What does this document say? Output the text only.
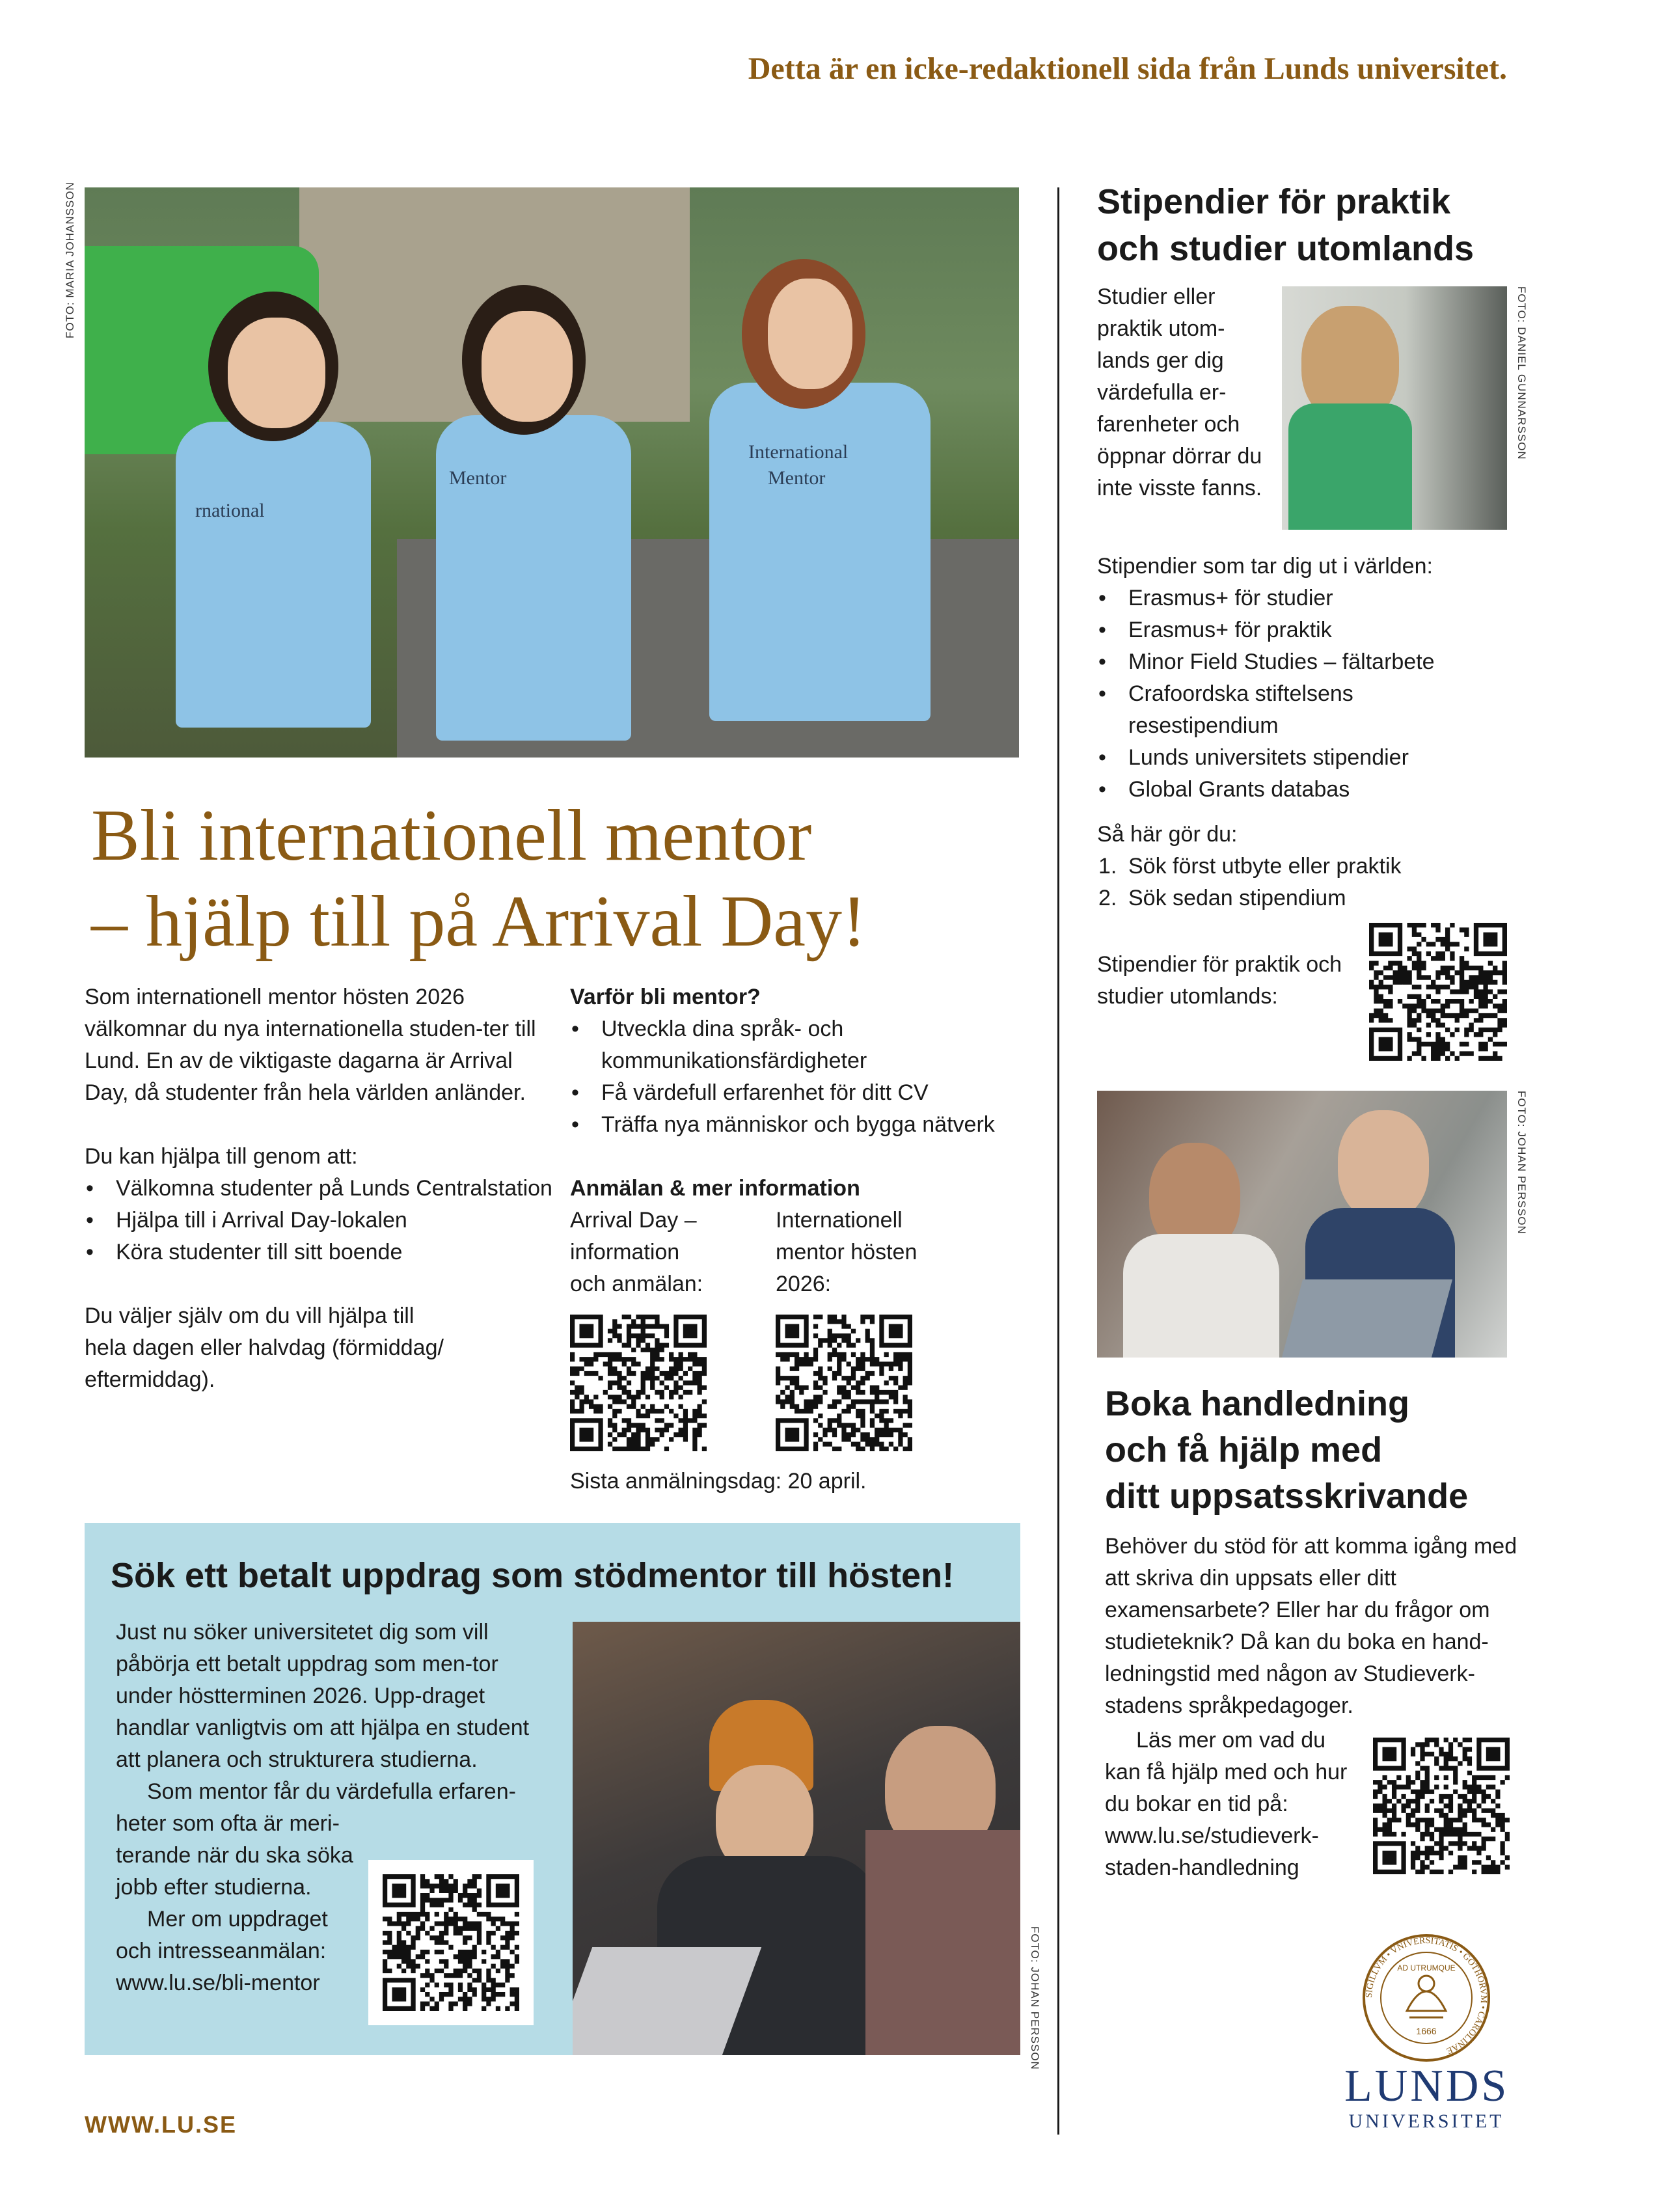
Detta är en icke-redaktionell sida från Lunds universitet.
rnational
Mentor
International
Mentor
FOTO: MARIA JOHANSSON
Bli internationell mentor
– hjälp till på Arrival Day!

Som internationell mentor hösten 2026 välkomnar du nya internationella studen-ter till Lund. En av de viktigaste dagarna är Arrival Day, då studenter från hela världen anländer.

Du kan hjälpa till genom att:

• Välkomna studenter på Lunds Centralstation
• Hjälpa till i Arrival Day-lokalen
• Köra studenter till sitt boende

Du väljer själv om du vill hjälpa till hela dagen eller halvdag (förmiddag/ eftermiddag).

Varför bli mentor?

• Utveckla dina språk- och kommunikationsfärdigheter
• Få värdefull erfarenhet för ditt CV
• Träffa nya människor och bygga nätverk

Anmälan & mer information

Arrival Day – information och anmälan:

Internationell mentor hösten 2026:

Sista anmälningsdag: 20 april.

Sök ett betalt uppdrag som stödmentor till hösten!

Just nu söker universitetet dig som vill påbörja ett betalt uppdrag som men-tor under höstterminen 2026. Upp-draget handlar vanligtvis om att hjälpa en student att planera och strukturera studierna.

Som mentor får du värdefulla erfaren-

heter som ofta är meri-

terande när du ska söka

jobb efter studierna.

Mer om uppdraget

och intresseanmälan:

www.lu.se/bli-mentor	FOTO: JOHAN PERSSON
WWW.LU.SE
Stipendier för praktik
och studier utomlands
Studier eller praktik utom-lands ger dig värdefulla er-farenheter och öppnar dörrar du inte visste fanns.
FOTO: DANIEL GUNNARSSON

Stipendier som tar dig ut i världen:

• Erasmus+ för studier
• Erasmus+ för praktik
• Minor Field Studies – fältarbete
• Crafoordska stiftelsens resestipendium
• Lunds universitets stipendier
• Global Grants databas

Så här gör du:

1. Sök först utbyte eller praktik
2. Sök sedan stipendium
Stipendier för praktik och studier utomlands:
FOTO: JOHAN PERSSON
Boka handledning
och få hjälp med
ditt uppsatsskrivande
Behöver du stöd för att komma igång med att skriva din uppsats eller ditt examensarbete? Eller har du frågor om studieteknik? Då kan du boka en hand-ledningstid med någon av Studieverk-stadens språkpedagoger.
Läs mer om vad du kan få hjälp med och hur du bokar en tid på: www.lu.se/studieverk-staden-handledning
SIGILLVM • VNIVERSITATIS • GOTHORVM • CAROLINAE
AD UTRUMQUE
1666
LUNDS
UNIVERSITET
